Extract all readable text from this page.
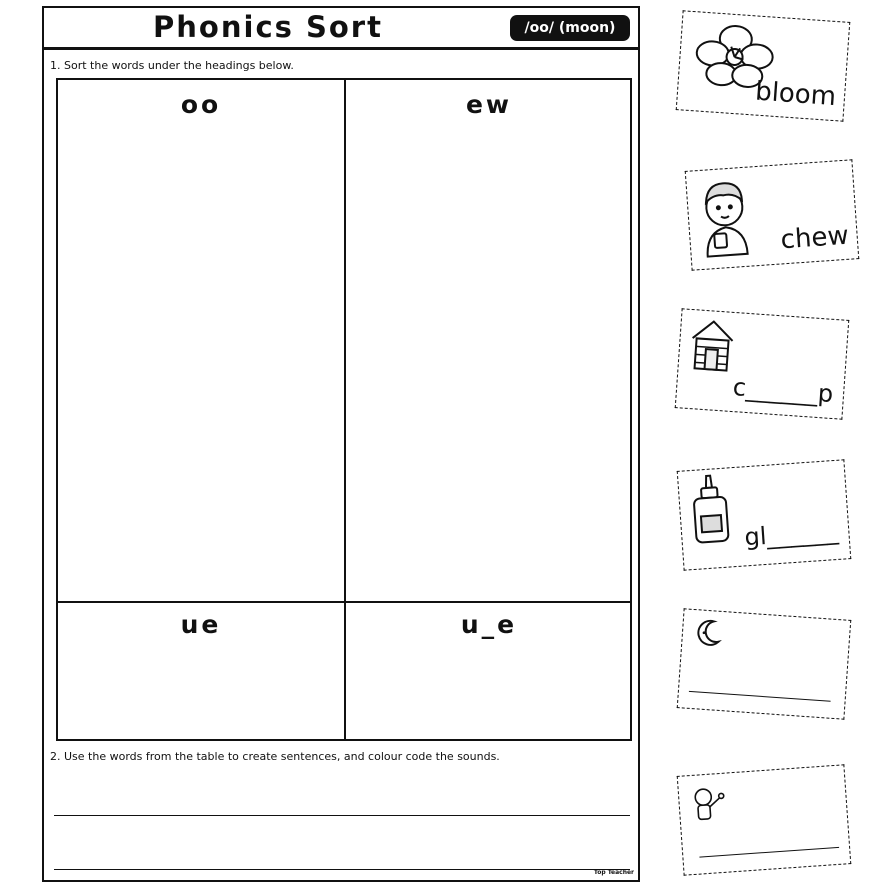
Phonics Sort	/oo/ (moon)
1. Sort the words under the headings below.
oo	ew
ue	u_e
2. Use the words from the table to create sentences, and colour code the sounds.
Top Teacher
bloom
chew
c______p
gl______
